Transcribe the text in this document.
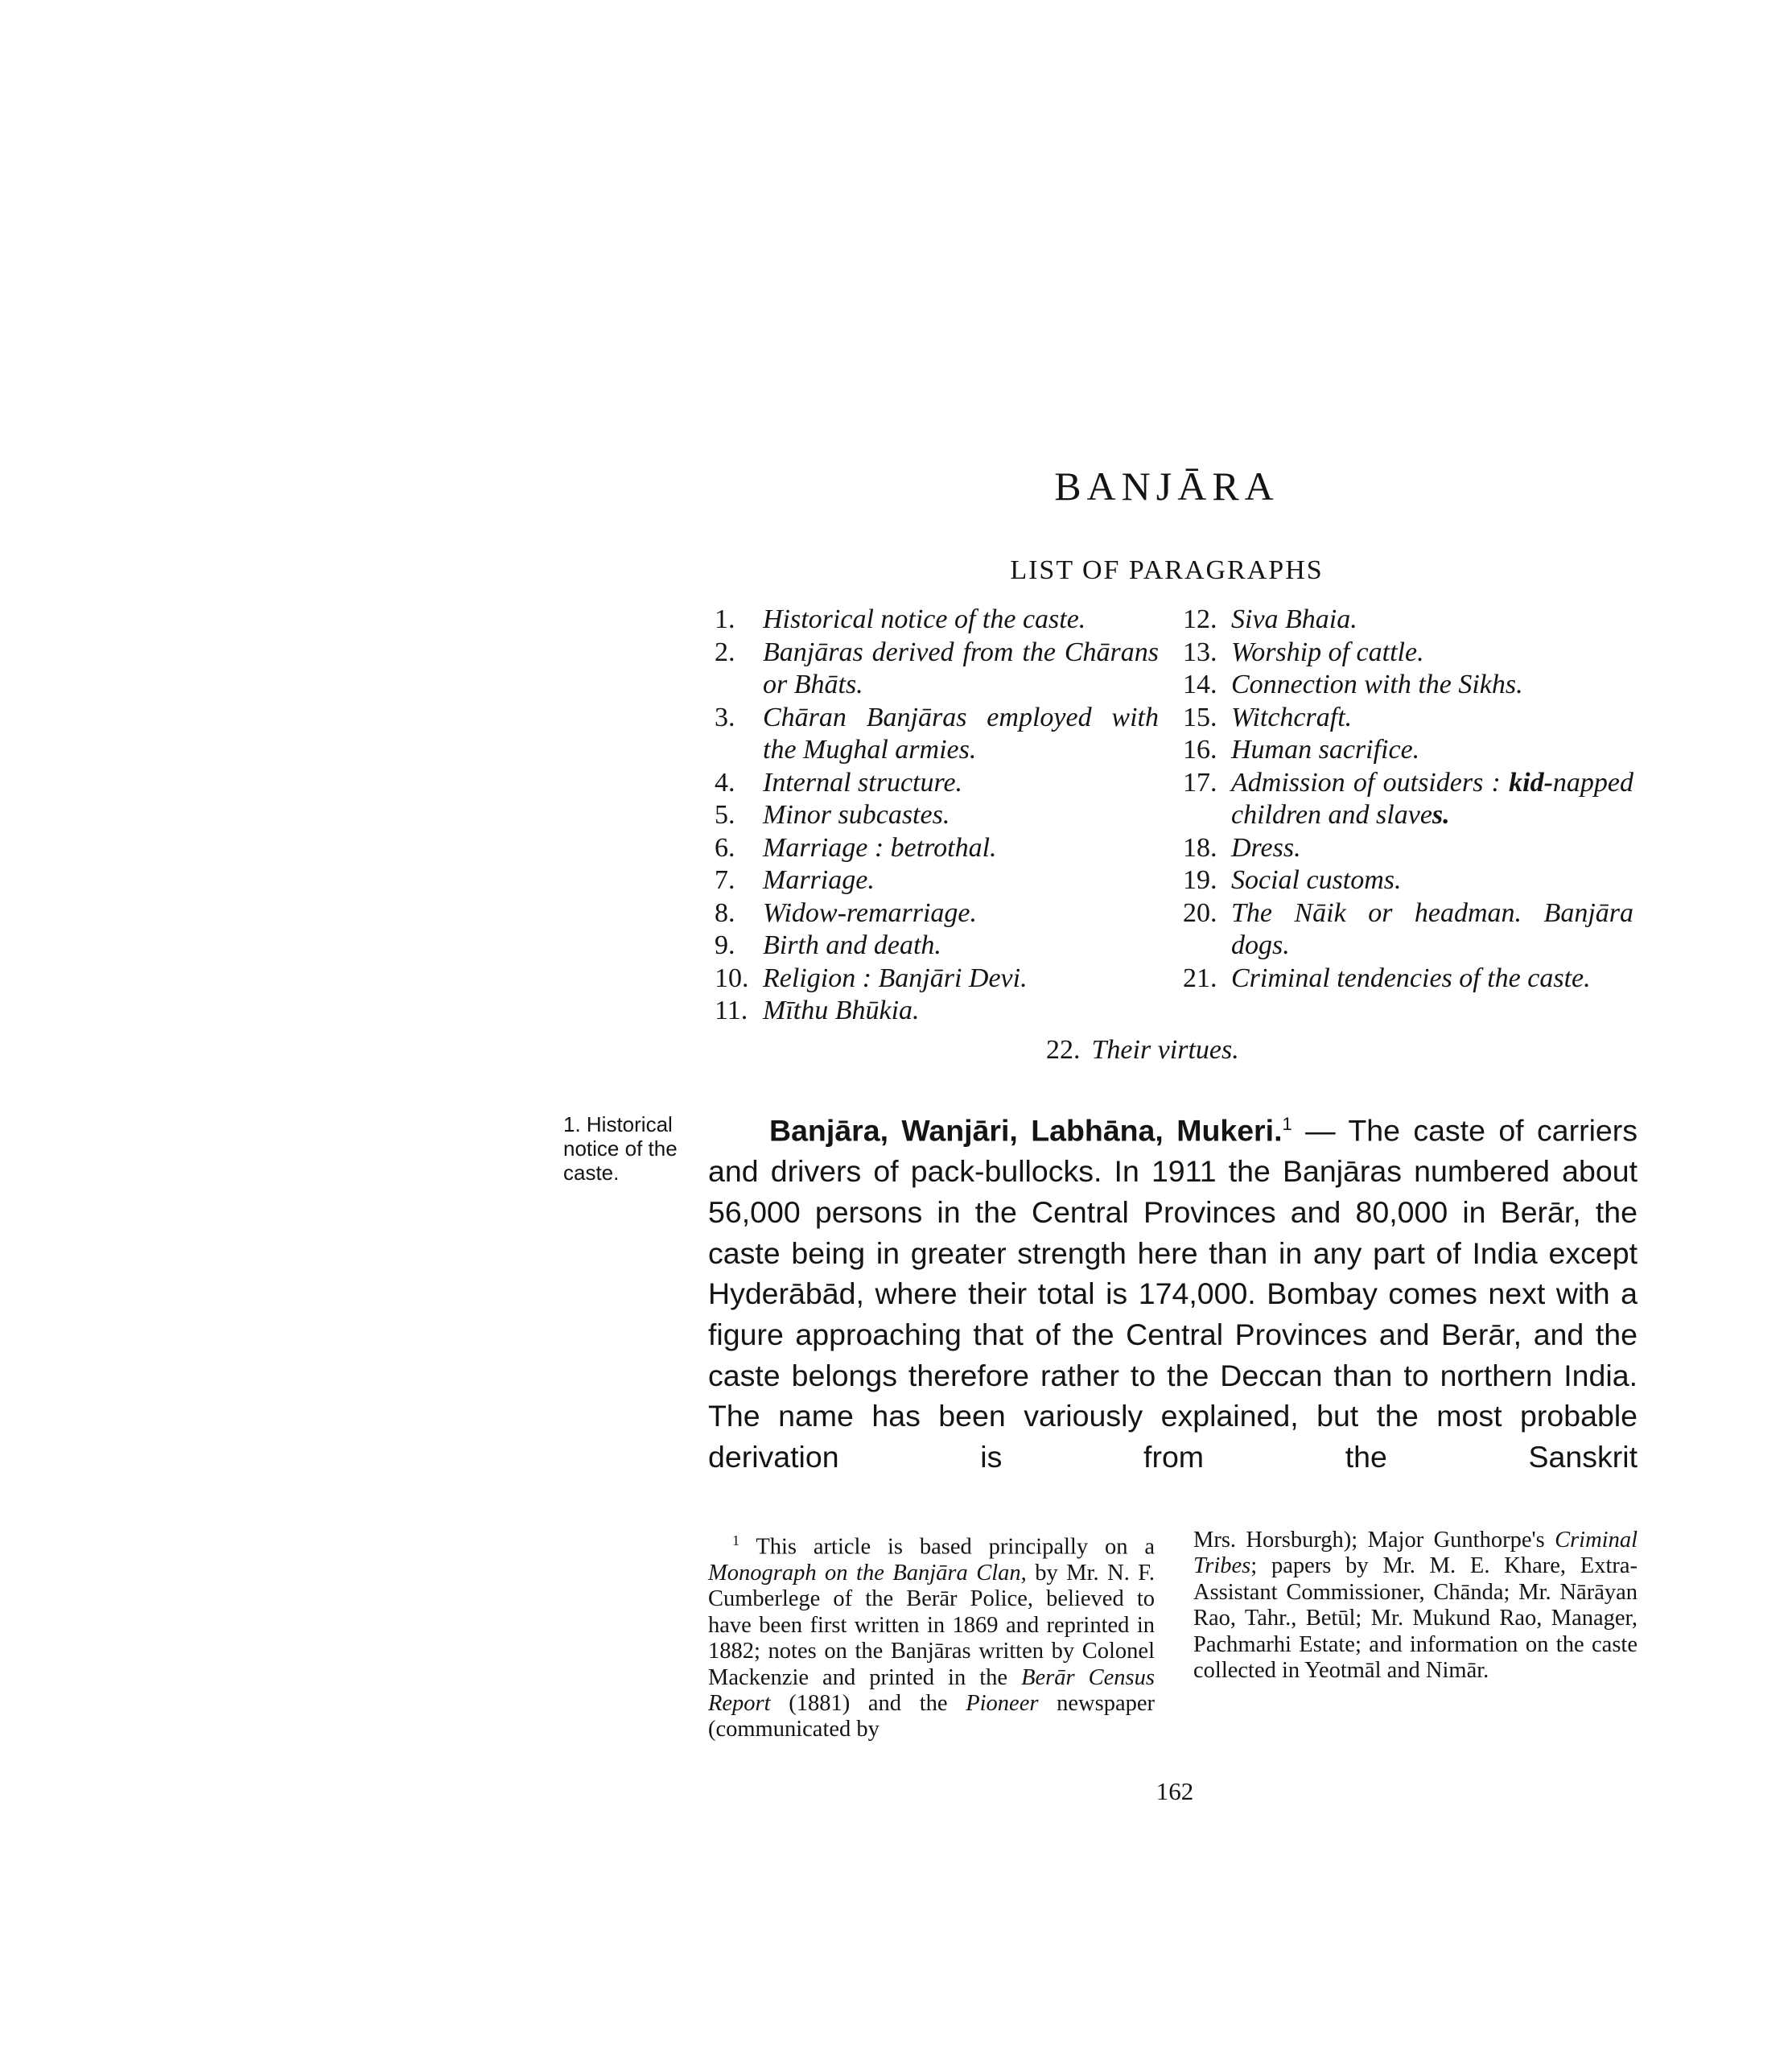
BANJĀRA
LIST OF PARAGRAPHS
1. Historical notice of the caste.
2. Banjāras derived from the Chārans or Bhāts.
3. Chāran Banjāras employed with the Mughal armies.
4. Internal structure.
5. Minor subcastes.
6. Marriage : betrothal.
7. Marriage.
8. Widow-remarriage.
9. Birth and death.
10. Religion : Banjāri Devi.
11. Mīthu Bhūkia.
12. Siva Bhaia.
13. Worship of cattle.
14. Connection with the Sikhs.
15. Witchcraft.
16. Human sacrifice.
17. Admission of outsiders : kid-napped children and slaves.
18. Dress.
19. Social customs.
20. The Nāik or headman. Banjāra dogs.
21. Criminal tendencies of the caste.
22. Their virtues.
1. Historical notice of the caste.
Banjāra, Wanjāri, Labhāna, Mukeri.$^1$ — The caste of carriers and drivers of pack-bullocks. In 1911 the Banjāras numbered about 56,000 persons in the Central Provinces and 80,000 in Berār, the caste being in greater strength here than in any part of India except Hyderābād, where their total is 174,000. Bombay comes next with a figure approaching that of the Central Provinces and Berār, and the caste belongs therefore rather to the Deccan than to northern India. The name has been variously explained, but the most probable derivation is from the Sanskrit
$^1$ This article is based principally on a Monograph on the Banjāra Clan, by Mr. N. F. Cumberlege of the Berār Police, believed to have been first written in 1869 and reprinted in 1882; notes on the Banjāras written by Colonel Mackenzie and printed in the Berār Census Report (1881) and the Pioneer newspaper (communicated by
Mrs. Horsburgh); Major Gunthorpe's Criminal Tribes; papers by Mr. M. E. Khare, Extra-Assistant Commissioner, Chānda; Mr. Nārāyan Rao, Tahr., Betūl; Mr. Mukund Rao, Manager, Pachmarhi Estate; and information on the caste collected in Yeotmāl and Nimār.
162
